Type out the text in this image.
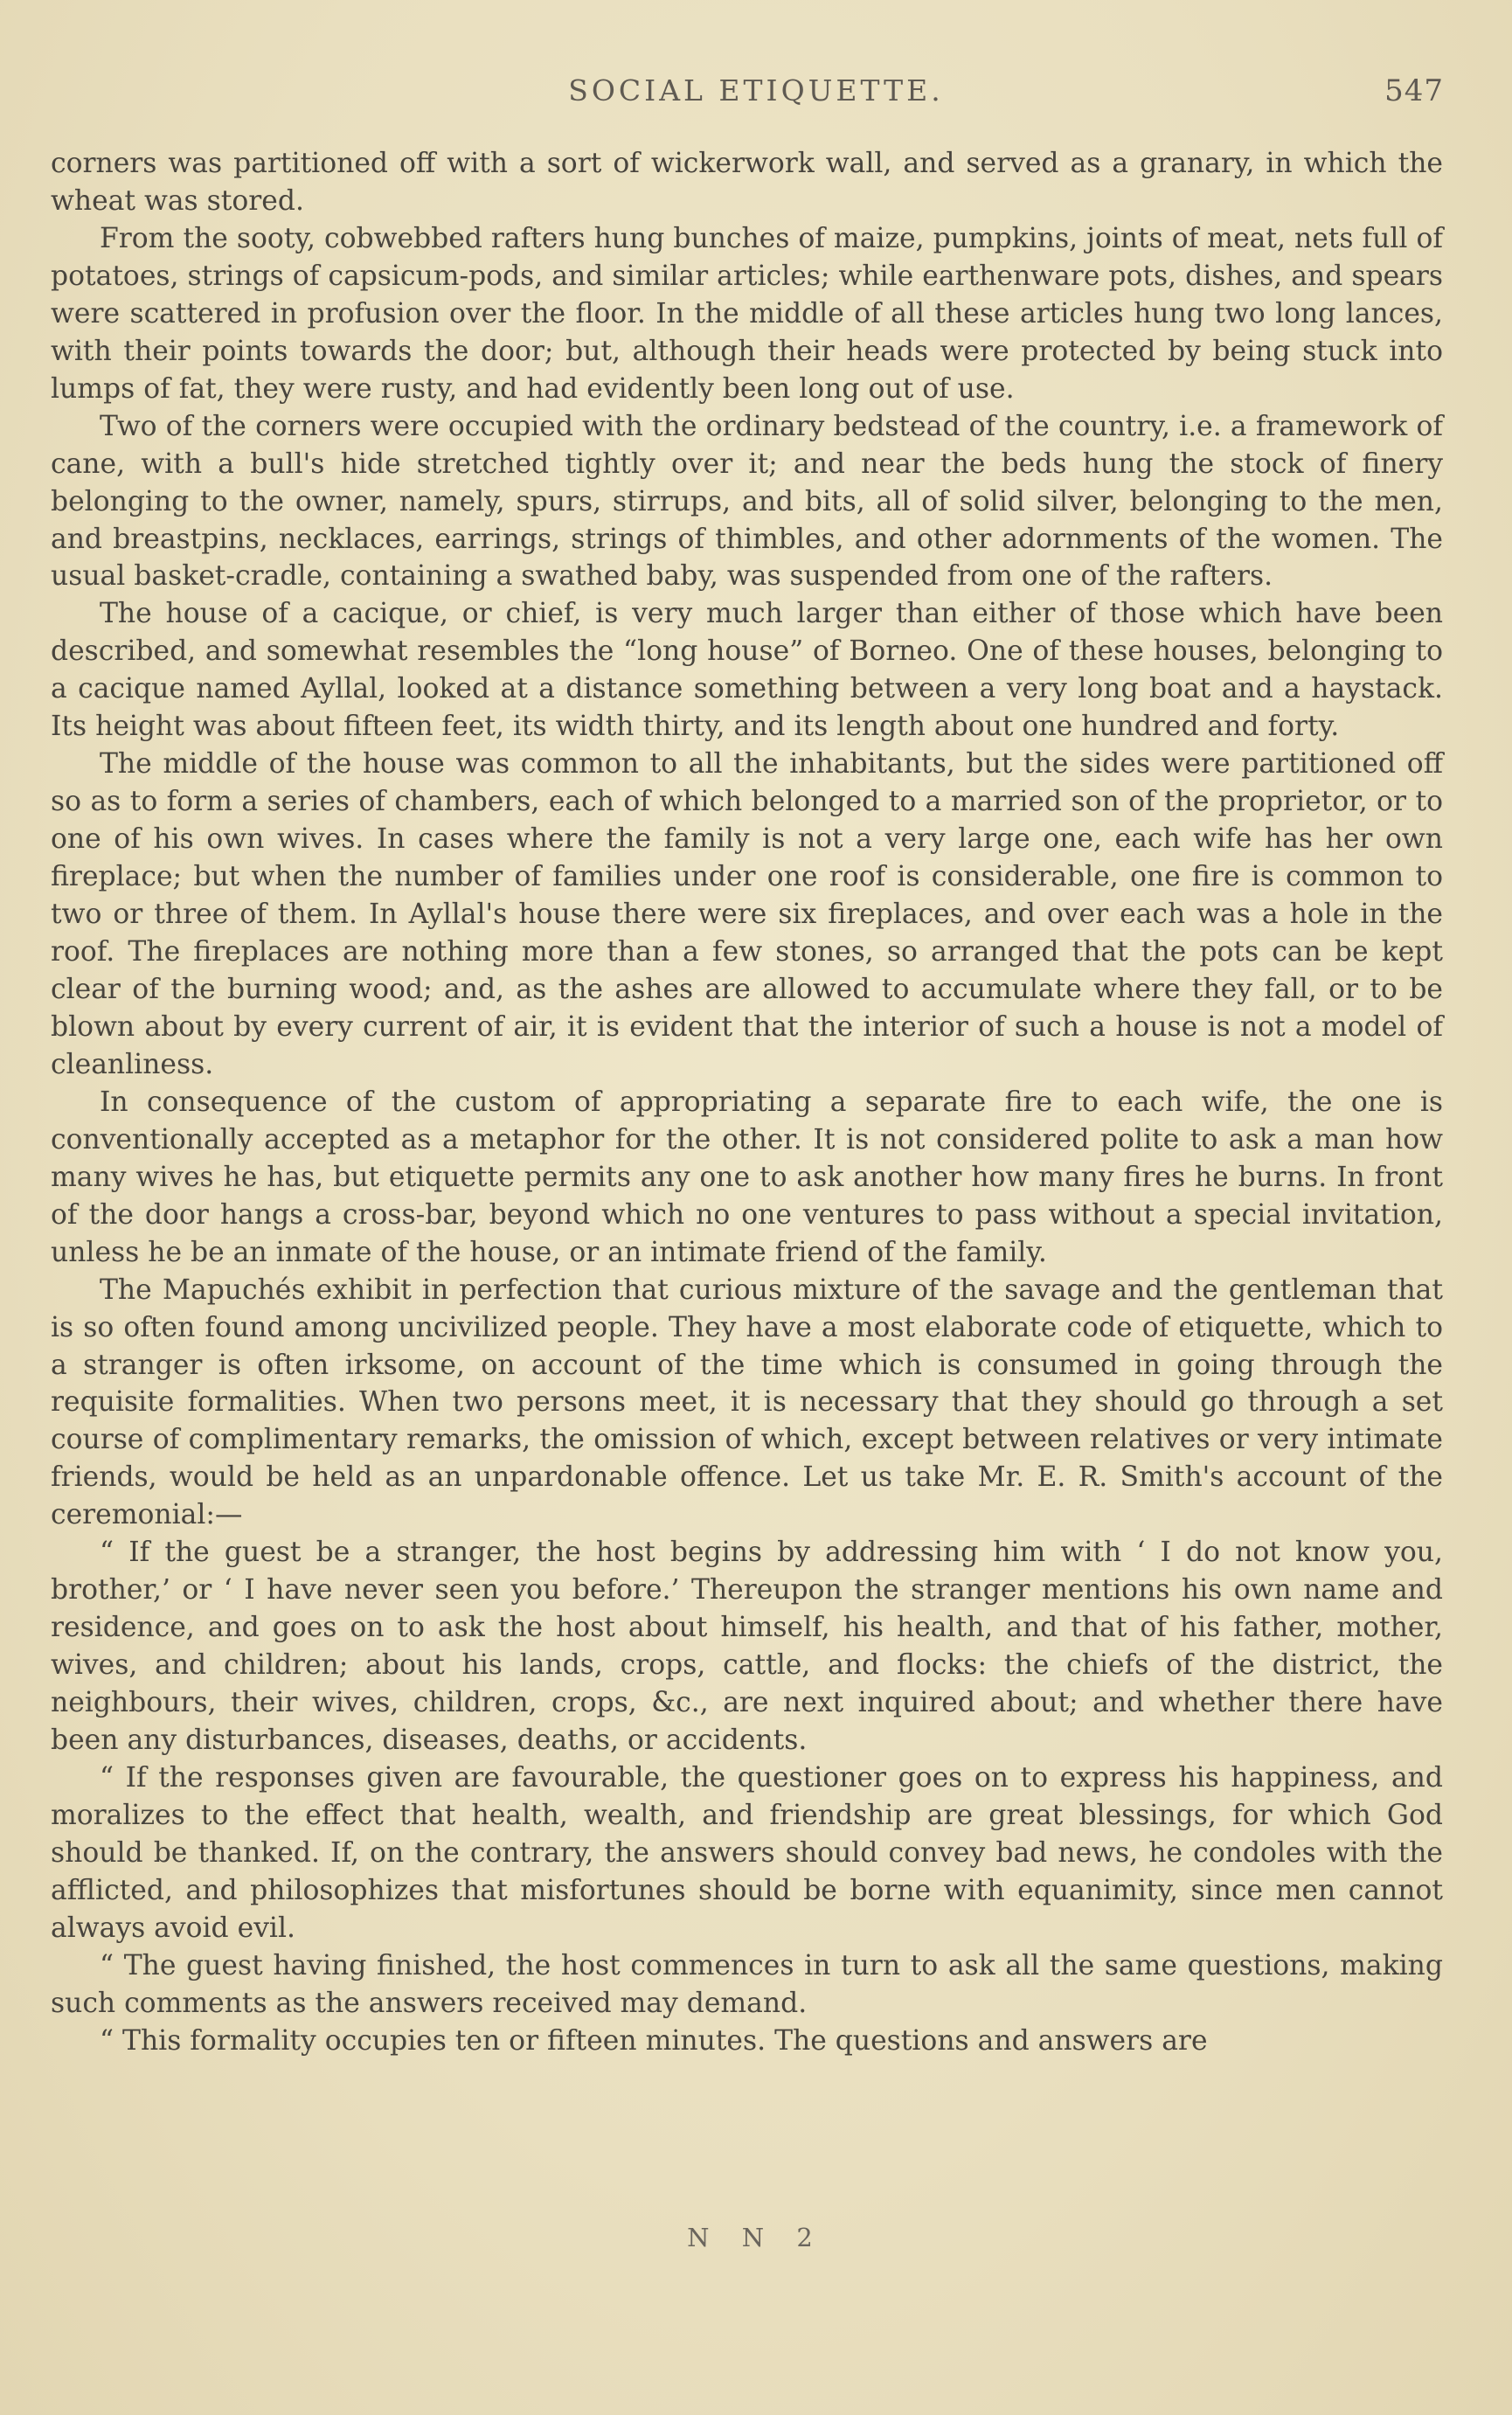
SOCIAL ETIQUETTE.	547

corners was partitioned off with a sort of wickerwork wall, and served as a granary, in which the wheat was stored.

From the sooty, cobwebbed rafters hung bunches of maize, pumpkins, joints of meat, nets full of potatoes, strings of capsicum-pods, and similar articles; while earthenware pots, dishes, and spears were scattered in profusion over the floor. In the middle of all these articles hung two long lances, with their points towards the door; but, although their heads were protected by being stuck into lumps of fat, they were rusty, and had evidently been long out of use.

Two of the corners were occupied with the ordinary bedstead of the country, i.e. a framework of cane, with a bull's hide stretched tightly over it; and near the beds hung the stock of finery belonging to the owner, namely, spurs, stirrups, and bits, all of solid silver, belonging to the men, and breastpins, necklaces, earrings, strings of thimbles, and other adornments of the women. The usual basket-cradle, containing a swathed baby, was suspended from one of the rafters.

The house of a cacique, or chief, is very much larger than either of those which have been described, and somewhat resembles the “long house” of Borneo. One of these houses, belonging to a cacique named Ayllal, looked at a distance something between a very long boat and a haystack. Its height was about fifteen feet, its width thirty, and its length about one hundred and forty.

The middle of the house was common to all the inhabitants, but the sides were partitioned off so as to form a series of chambers, each of which belonged to a married son of the proprietor, or to one of his own wives. In cases where the family is not a very large one, each wife has her own fireplace; but when the number of families under one roof is considerable, one fire is common to two or three of them. In Ayllal's house there were six fireplaces, and over each was a hole in the roof. The fireplaces are nothing more than a few stones, so arranged that the pots can be kept clear of the burning wood; and, as the ashes are allowed to accumulate where they fall, or to be blown about by every current of air, it is evident that the interior of such a house is not a model of cleanliness.

In consequence of the custom of appropriating a separate fire to each wife, the one is conventionally accepted as a metaphor for the other. It is not considered polite to ask a man how many wives he has, but etiquette permits any one to ask another how many fires he burns. In front of the door hangs a cross-bar, beyond which no one ventures to pass without a special invitation, unless he be an inmate of the house, or an intimate friend of the family.

The Mapuchés exhibit in perfection that curious mixture of the savage and the gentleman that is so often found among uncivilized people. They have a most elaborate code of etiquette, which to a stranger is often irksome, on account of the time which is consumed in going through the requisite formalities. When two persons meet, it is necessary that they should go through a set course of complimentary remarks, the omission of which, except between relatives or very intimate friends, would be held as an unpardonable offence. Let us take Mr. E. R. Smith's account of the ceremonial:—

“ If the guest be a stranger, the host begins by addressing him with ‘ I do not know you, brother,’ or ‘ I have never seen you before.’ Thereupon the stranger mentions his own name and residence, and goes on to ask the host about himself, his health, and that of his father, mother, wives, and children; about his lands, crops, cattle, and flocks: the chiefs of the district, the neighbours, their wives, children, crops, &c., are next inquired about; and whether there have been any disturbances, diseases, deaths, or accidents.

“ If the responses given are favourable, the questioner goes on to express his happiness, and moralizes to the effect that health, wealth, and friendship are great blessings, for which God should be thanked. If, on the contrary, the answers should convey bad news, he condoles with the afflicted, and philosophizes that misfortunes should be borne with equanimity, since men cannot always avoid evil.

“ The guest having finished, the host commences in turn to ask all the same questions, making such comments as the answers received may demand.

“ This formality occupies ten or fifteen minutes. The questions and answers are

N N 2
